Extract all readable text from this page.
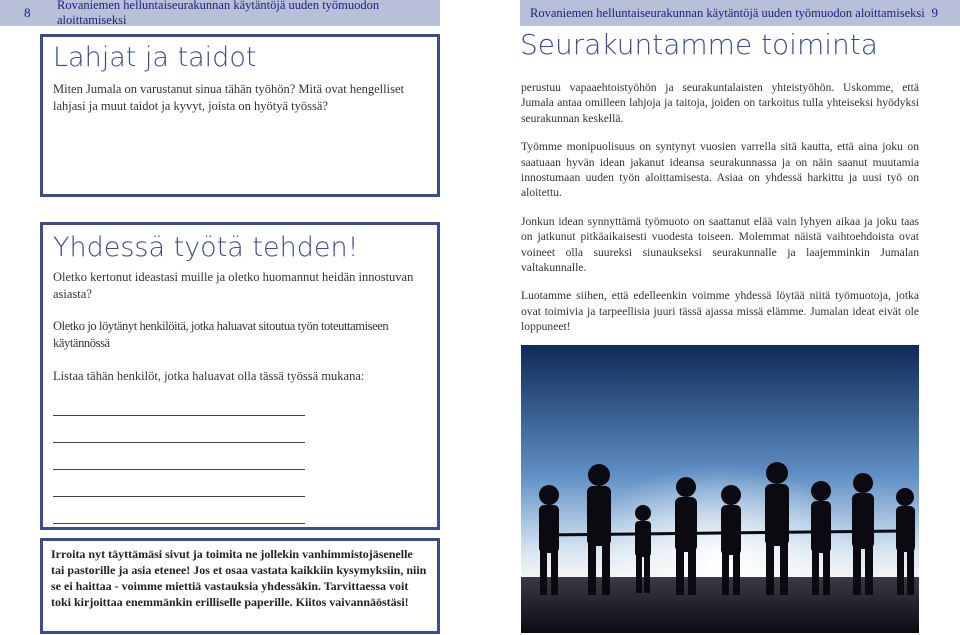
8	Rovaniemen helluntaiseurakunnan käytäntöjä uuden työmuodon aloittamiseksi
Lahjat ja taidot

Miten Jumala on varustanut sinua tähän työhön? Mitä ovat hengelliset lahjasi ja muut taidot ja kyvyt, joista on hyötyä työssä?

Yhdessä työtä tehden!

Oletko kertonut ideastasi muille ja oletko huomannut heidän innostuvan asiasta?

Oletko jo löytänyt henkilöitä, jotka haluavat sitoutua työn toteuttamiseen käytännössä

Listaa tähän henkilöt, jotka haluavat olla tässä työssä mukana:

Irroita nyt täyttämäsi sivut ja toimita ne jollekin vanhimmistojäsenelle tai pastorille ja asia etenee! Jos et osaa vastata kaikkiin kysymyksiin, niin se ei haittaa - voimme miettiä vastauksia yhdessäkin. Tarvittaessa voit toki kirjoittaa enemmänkin erilliselle paperille. Kiitos vaivannäöstäsi!

Rovaniemen helluntaiseurakunnan käytäntöjä uuden työmuodon aloittamiseksi 9
Seurakuntamme toiminta

perustuu vapaaehtoistyöhön ja seurakuntalaisten yhteistyöhön. Uskomme, että Jumala antaa omilleen lahjoja ja taitoja, joiden on tarkoitus tulla yhteiseksi hyödyksi seurakunnan keskellä.

Työmme monipuolisuus on syntynyt vuosien varrella sitä kautta, että aina joku on saatuaan hyvän idean jakanut ideansa seurakunnassa ja on näin saanut muutamia innostumaan uuden työn aloittamisesta. Asiaa on yhdessä harkittu ja uusi työ on aloitettu.

Jonkun idean synnyttämä työmuoto on saattanut elää vain lyhyen aikaa ja joku taas on jatkunut pitkäaikaisesti vuodesta toiseen. Molemmat näistä vaihtoehdoista ovat voineet olla suureksi siunaukseksi seurakunnalle ja laajemminkin Jumalan valtakunnalle.

Luotamme siihen, että edelleenkin voimme yhdessä löytää niitä työmuotoja, jotka ovat toimivia ja tarpeellisia juuri tässä ajassa missä elämme. Jumalan ideat eivät ole loppuneet!
